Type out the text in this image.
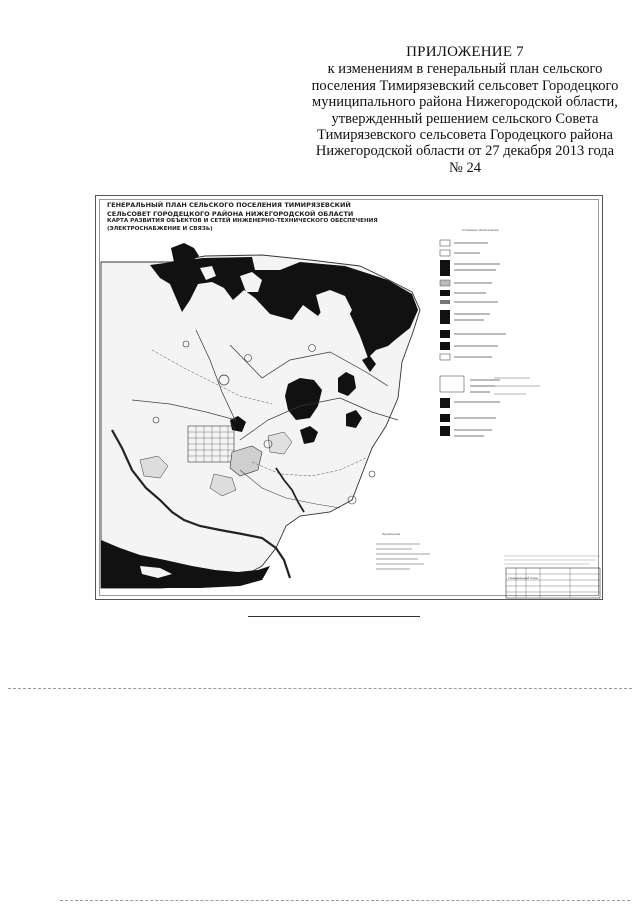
ПРИЛОЖЕНИЕ 7
к изменениям в генеральный план сельского
поселения Тимирязевский сельсовет Городецкого
муниципального района Нижегородской области,
утвержденный решением сельского Совета
Тимирязевского сельсовета Городецкого района
Нижегородской области от 27 декабря 2013 года
№ 24
ГЕНЕРАЛЬНЫЙ ПЛАН СЕЛЬСКОГО ПОСЕЛЕНИЯ ТИМИРЯЗЕВСКИЙ
СЕЛЬСОВЕТ ГОРОДЕЦКОГО РАЙОНА НИЖЕГОРОДСКОЙ ОБЛАСТИ
КАРТА РАЗВИТИЯ ОБЪЕКТОВ И СЕТЕЙ ИНЖЕНЕРНО-ТЕХНИЧЕСКОГО ОБЕСПЕЧЕНИЯ
(ЭЛЕКТРОСНАБЖЕНИЕ И СВЯЗЬ)	Условные обозначения
Примечание
Генеральный план
